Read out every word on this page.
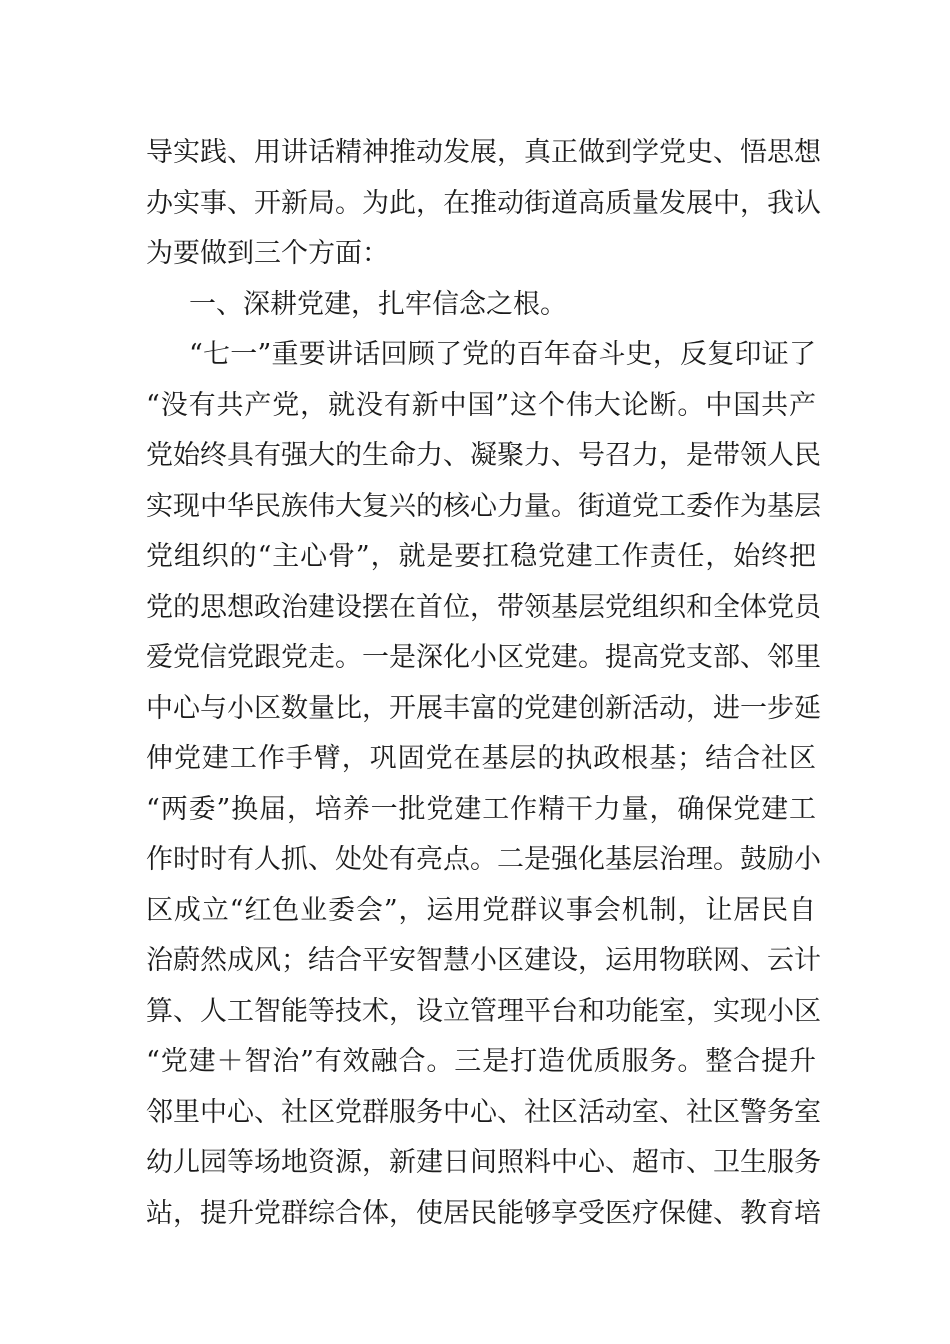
导实践、用讲话精神推动发展，真正做到学党史、悟思想
办实事、开新局。为此，在推动街道高质量发展中，我认
为要做到三个方面：
一、深耕党建，扎牢信念之根。
“七一”重要讲话回顾了党的百年奋斗史，反复印证了
“没有共产党，就没有新中国”这个伟大论断。中国共产
党始终具有强大的生命力、凝聚力、号召力，是带领人民
实现中华民族伟大复兴的核心力量。街道党工委作为基层
党组织的“主心骨”，就是要扛稳党建工作责任，始终把
党的思想政治建设摆在首位，带领基层党组织和全体党员
爱党信党跟党走。一是深化小区党建。提高党支部、邻里
中心与小区数量比，开展丰富的党建创新活动，进一步延
伸党建工作手臂，巩固党在基层的执政根基；结合社区
“两委”换届，培养一批党建工作精干力量，确保党建工
作时时有人抓、处处有亮点。二是强化基层治理。鼓励小
区成立“红色业委会”，运用党群议事会机制，让居民自
治蔚然成风；结合平安智慧小区建设，运用物联网、云计
算、人工智能等技术，设立管理平台和功能室，实现小区
“党建＋智治”有效融合。三是打造优质服务。整合提升
邻里中心、社区党群服务中心、社区活动室、社区警务室
幼儿园等场地资源，新建日间照料中心、超市、卫生服务
站，提升党群综合体，使居民能够享受医疗保健、教育培
